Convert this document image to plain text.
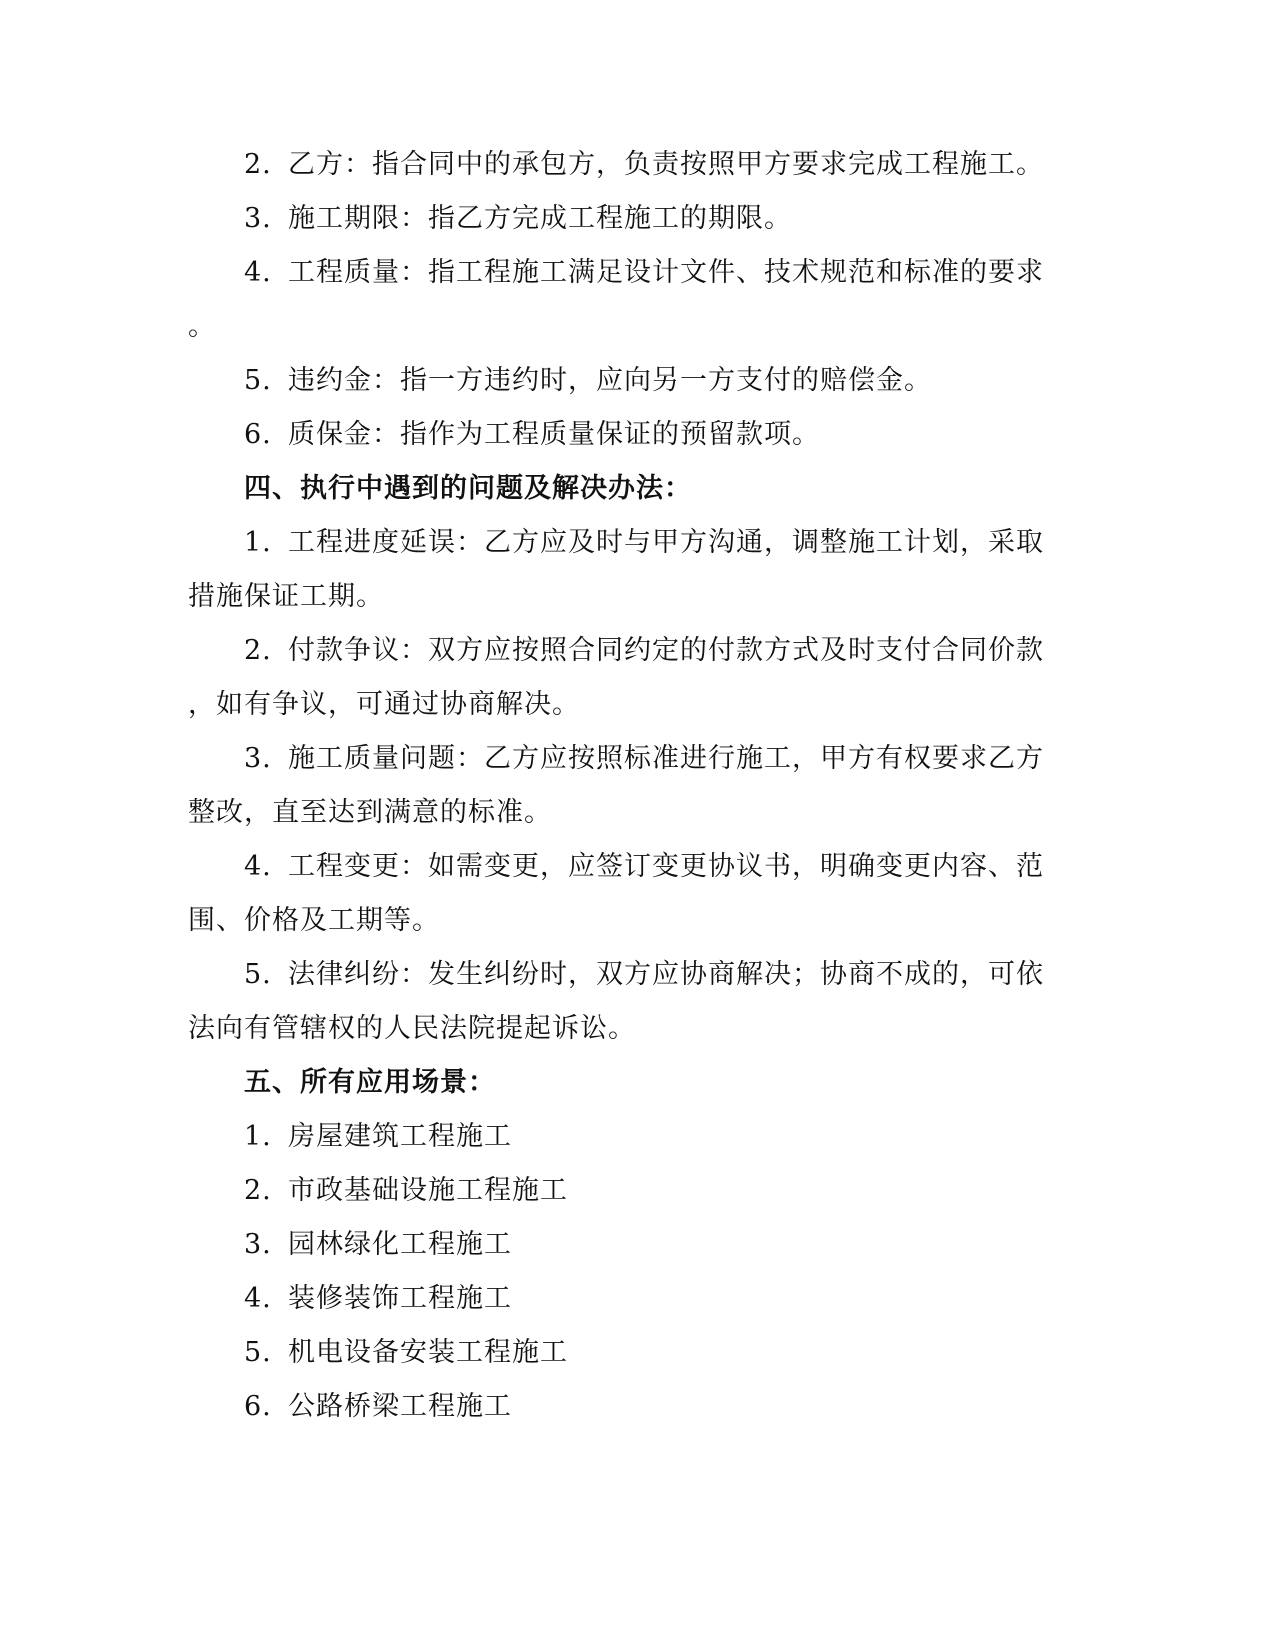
2. 乙方：指合同中的承包方，负责按照甲方要求完成工程施工。
3. 施工期限：指乙方完成工程施工的期限。
4. 工程质量：指工程施工满足设计文件、技术规范和标准的要求
。
5. 违约金：指一方违约时，应向另一方支付的赔偿金。
6. 质保金：指作为工程质量保证的预留款项。
四、执行中遇到的问题及解决办法：
1. 工程进度延误：乙方应及时与甲方沟通，调整施工计划，采取
措施保证工期。
2. 付款争议：双方应按照合同约定的付款方式及时支付合同价款
，如有争议，可通过协商解决。
3. 施工质量问题：乙方应按照标准进行施工，甲方有权要求乙方
整改，直至达到满意的标准。
4. 工程变更：如需变更，应签订变更协议书，明确变更内容、范
围、价格及工期等。
5. 法律纠纷：发生纠纷时，双方应协商解决；协商不成的，可依
法向有管辖权的人民法院提起诉讼。
五、所有应用场景：
1. 房屋建筑工程施工
2. 市政基础设施工程施工
3. 园林绿化工程施工
4. 装修装饰工程施工
5. 机电设备安装工程施工
6. 公路桥梁工程施工
